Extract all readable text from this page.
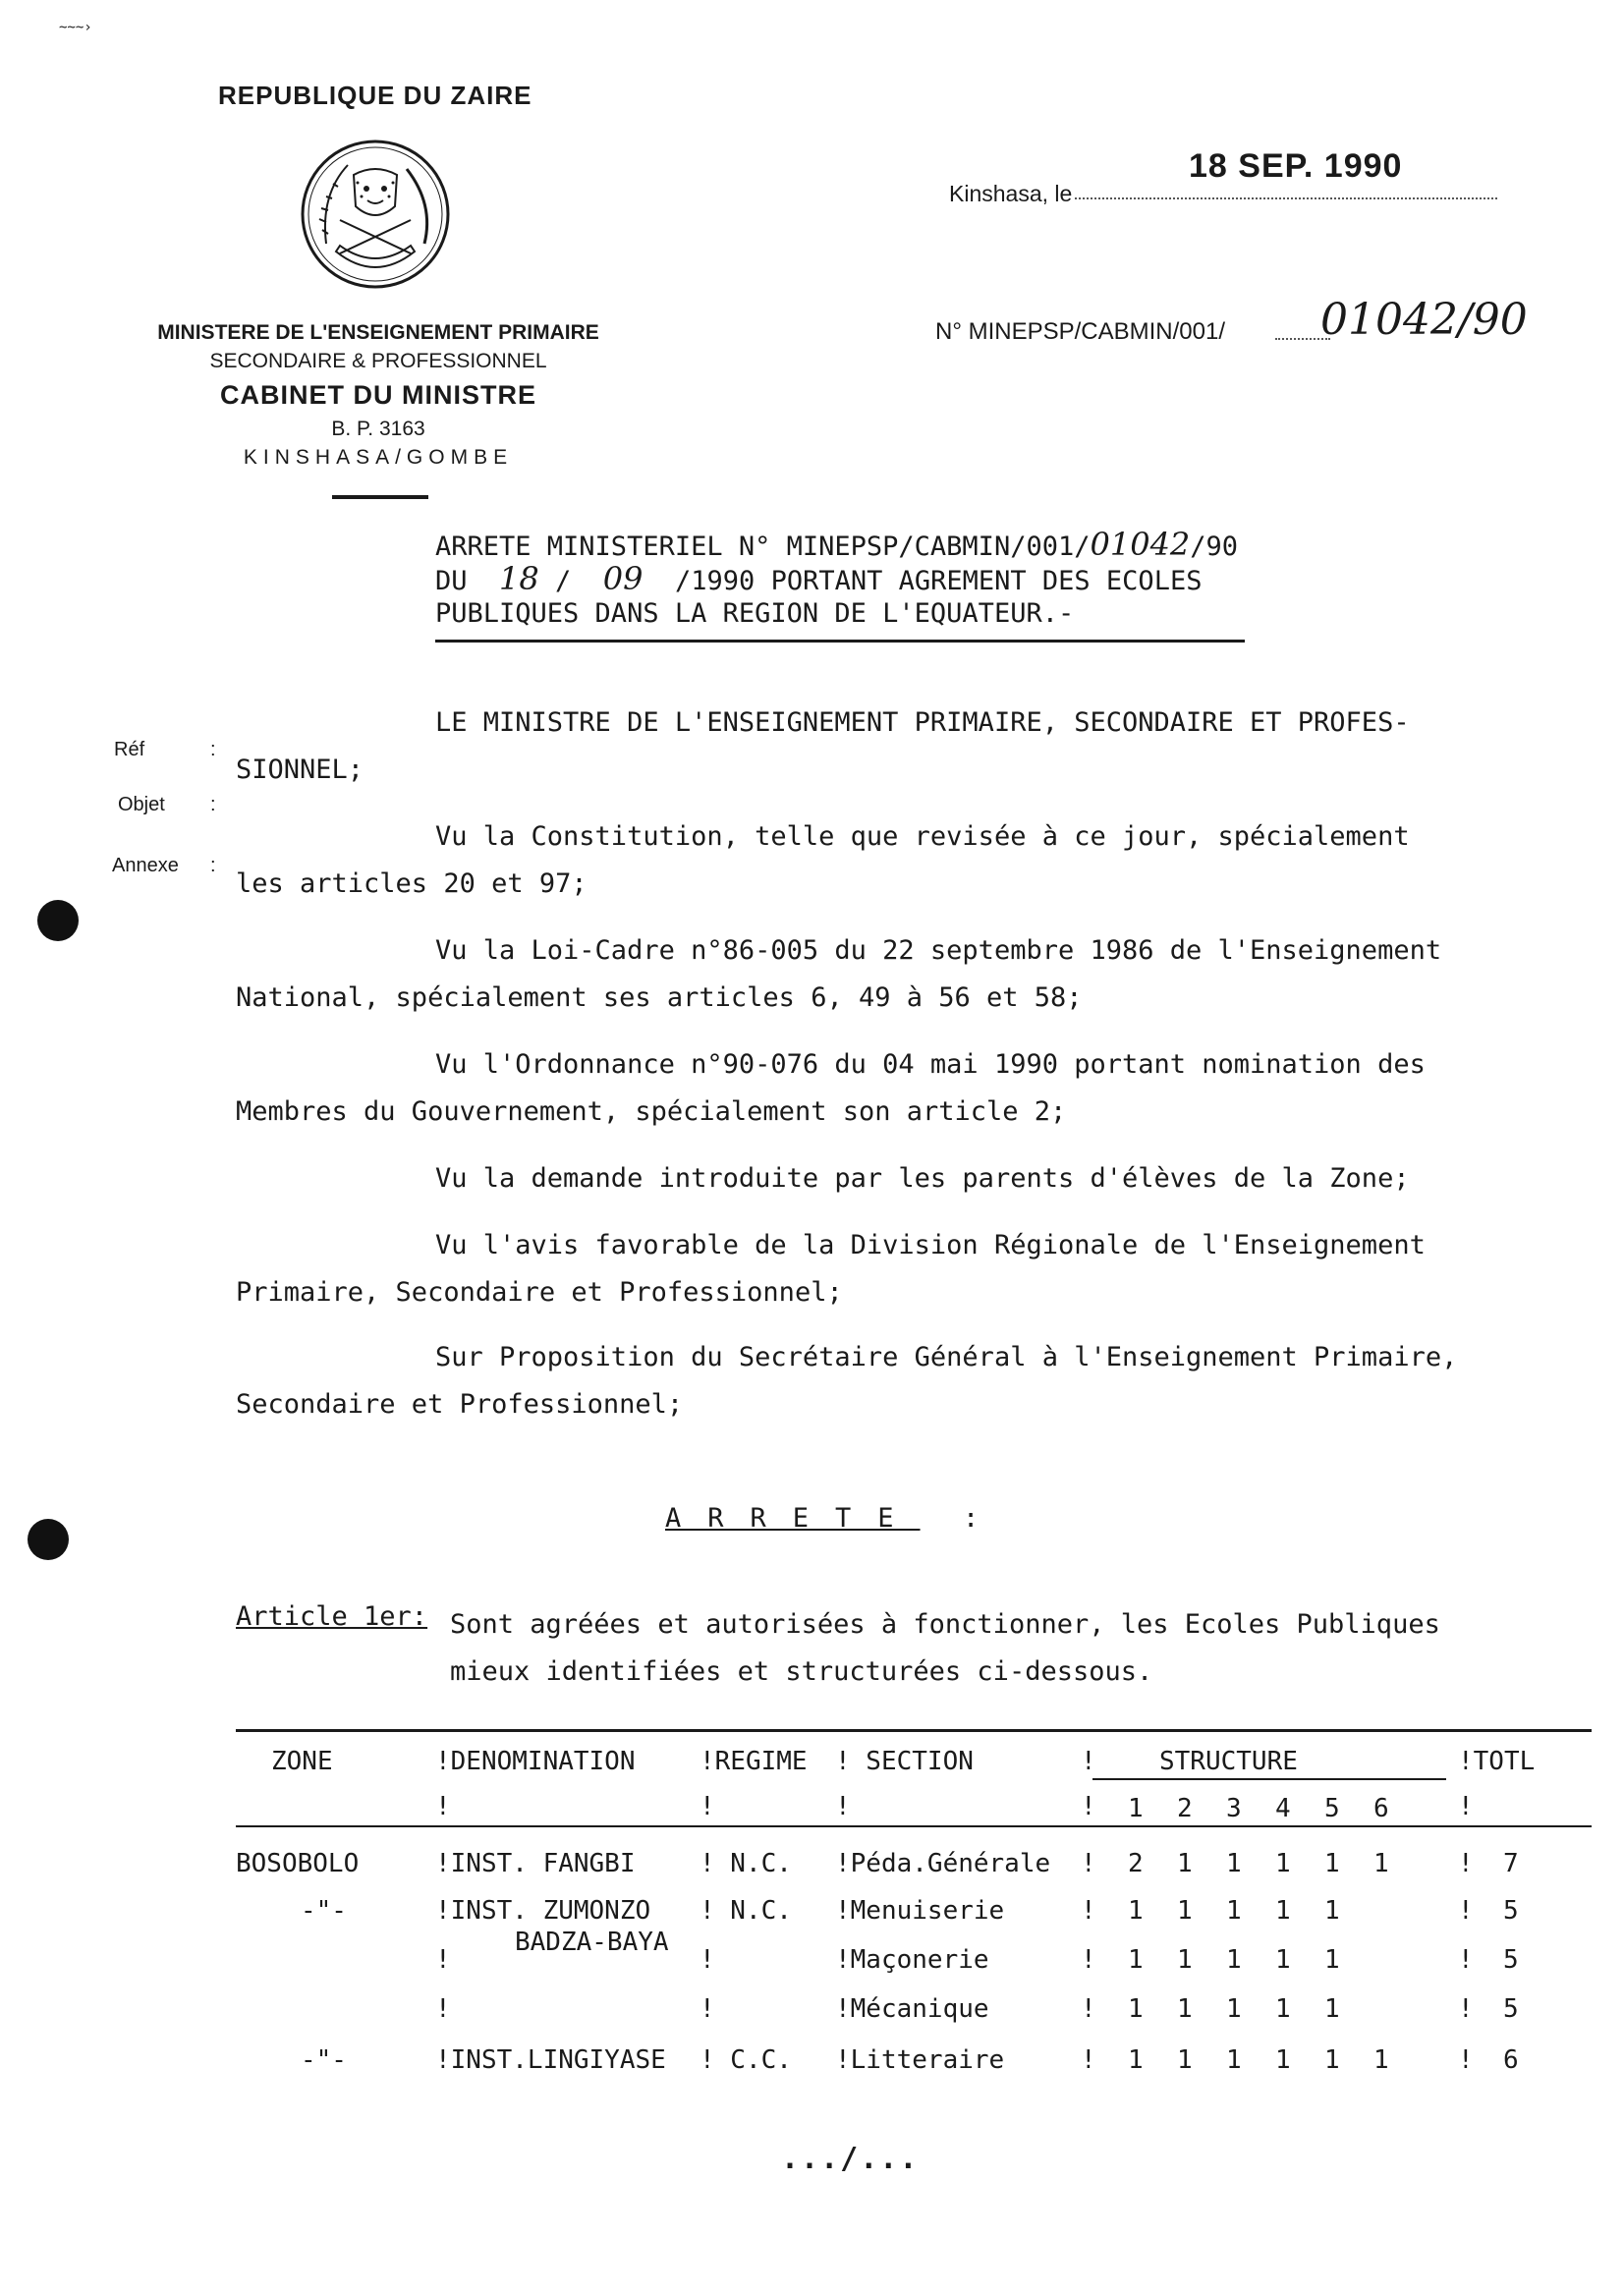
~~~›
REPUBLIQUE DU ZAIRE
MINISTERE DE L'ENSEIGNEMENT PRIMAIRE
SECONDAIRE & PROFESSIONNEL
CABINET DU MINISTRE
B. P. 3163
KINSHASA/GOMBE
Kinshasa, le
18 SEP. 1990
N° MINEPSP/CABMIN/001/ 01042/90
ARRETE MINISTERIEL N° MINEPSP/CABMIN/001/01042/90
DU 18 / 09 /1990 PORTANT AGREMENT DES ECOLES
PUBLIQUES DANS LA REGION DE L'EQUATEUR.-
Réf	:
Objet :
Annexe :
LE MINISTRE DE L'ENSEIGNEMENT PRIMAIRE, SECONDAIRE ET PROFES-
SIONNEL;
Vu la Constitution, telle que revisée à ce jour, spécialement
les articles 20 et 97;
Vu la Loi-Cadre n°86-005 du 22 septembre 1986 de l'Enseignement
National, spécialement ses articles 6, 49 à 56 et 58;
Vu l'Ordonnance n°90-076 du 04 mai 1990 portant nomination des
Membres du Gouvernement, spécialement son article 2;
Vu la demande introduite par les parents d'élèves de la Zone;
Vu l'avis favorable de la Division Régionale de l'Enseignement
Primaire, Secondaire et Professionnel;
Sur Proposition du Secrétaire Général à l'Enseignement Primaire,
Secondaire et Professionnel;
ARRETE :
Article 1er: Sont agréées et autorisées à fonctionner, les Ecoles Publiques
mieux identifiées et structurées ci-dessous.
ZONE	!DENOMINATION	!REGIME ! SECTION	! STRUCTURE	!TOTL
!	!	!	! 1 2 3 4 5 6	!
BOSOBOLO	!INST. FANGBI	! N.C. !Péda.Générale ! 2 1 1 1 1 1	! 7
-"-	!INST. ZUMONZO ! N.C. !Menuiserie	! 1 1 1 1 1	! 5
!
BADZA-BAYA
!	!Maçonerie	! 1 1 1 1 1	! 5
!	!	!Mécanique	! 1 1 1 1 1	! 5
-"-	!INST.LINGIYASE ! C.C. !Litteraire	! 1 1 1 1 1 1	! 6
.../...
